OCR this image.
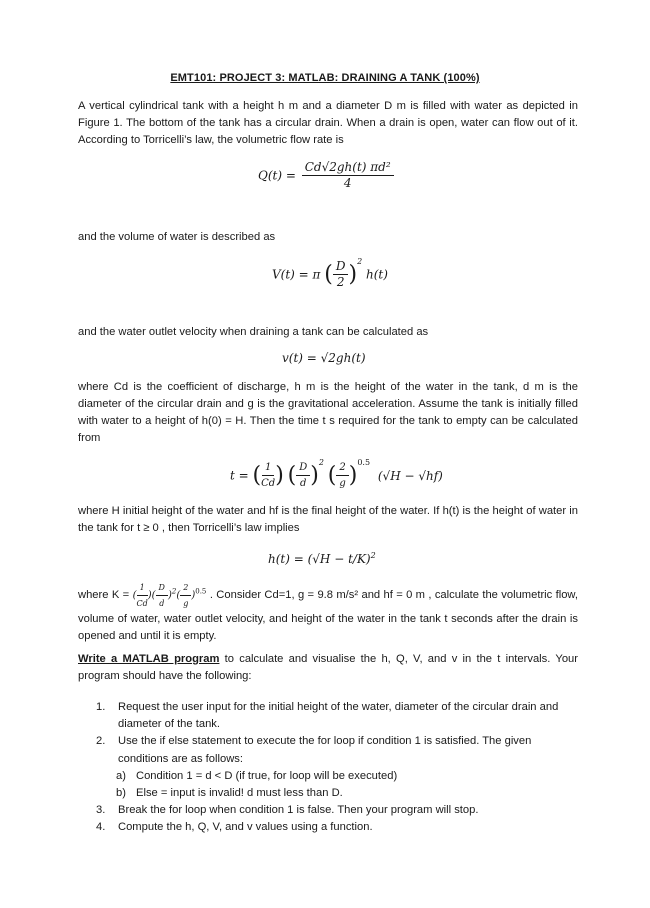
EMT101: PROJECT 3: MATLAB: DRAINING A TANK (100%)
A vertical cylindrical tank with a height h m and a diameter D m is filled with water as depicted in Figure 1. The bottom of the tank has a circular drain. When a drain is open, water can flow out of it. According to Torricelli’s law, the volumetric flow rate is
$Q(t) = \frac{\text{Cd√2gh(t) πd²}}{4}$
and the volume of water is described as
V(t) = π ( $\frac{D}{2} )^2$ h(t)
and the water outlet velocity when draining a tank can be calculated as
v(t) = √2gh(t)
where Cd is the coefficient of discharge, h m is the height of the water in the tank, d m is the diameter of the circular drain and g is the gravitational acceleration. Assume the tank is initially filled with water to a height of h(0) = H. Then the time t s required for the tank to empty can be calculated from
t = ( $\frac{1}{Cd}$ ) ( $\frac{D}{d} )^2$ ( $\frac{2}{g} )^{0.5}$ (√H − √hf)
where H initial height of the water and hf is the final height of the water. If h(t) is the height of water in the tank for t ≥ 0 , then Torricelli’s law implies
$h(t) = (√H - t/K)^2$
where K = ( $\frac{1}{Cd}$ )( $\frac{D}{d} )^2( \frac{2}{g} )^{0.5}$ . Consider Cd=1, g = 9.8 m/s² and hf = 0 m , calculate the volumetric flow, volume of water, water outlet velocity, and height of the water in the tank t seconds after the drain is opened and until it is empty.
Write a MATLAB program to calculate and visualise the h, Q, V, and v in the t intervals. Your program should have the following:
1. Request the user input for the initial height of the water, diameter of the circular drain and diameter of the tank.
2. Use the if else statement to execute the for loop if condition 1 is satisfied. The given conditions are as follows:
a) Condition 1 = d < D (if true, for loop will be executed)
b) Else = input is invalid! d must less than D.
3. Break the for loop when condition 1 is false. Then your program will stop.
4. Compute the h, Q, V, and v values using a function.
